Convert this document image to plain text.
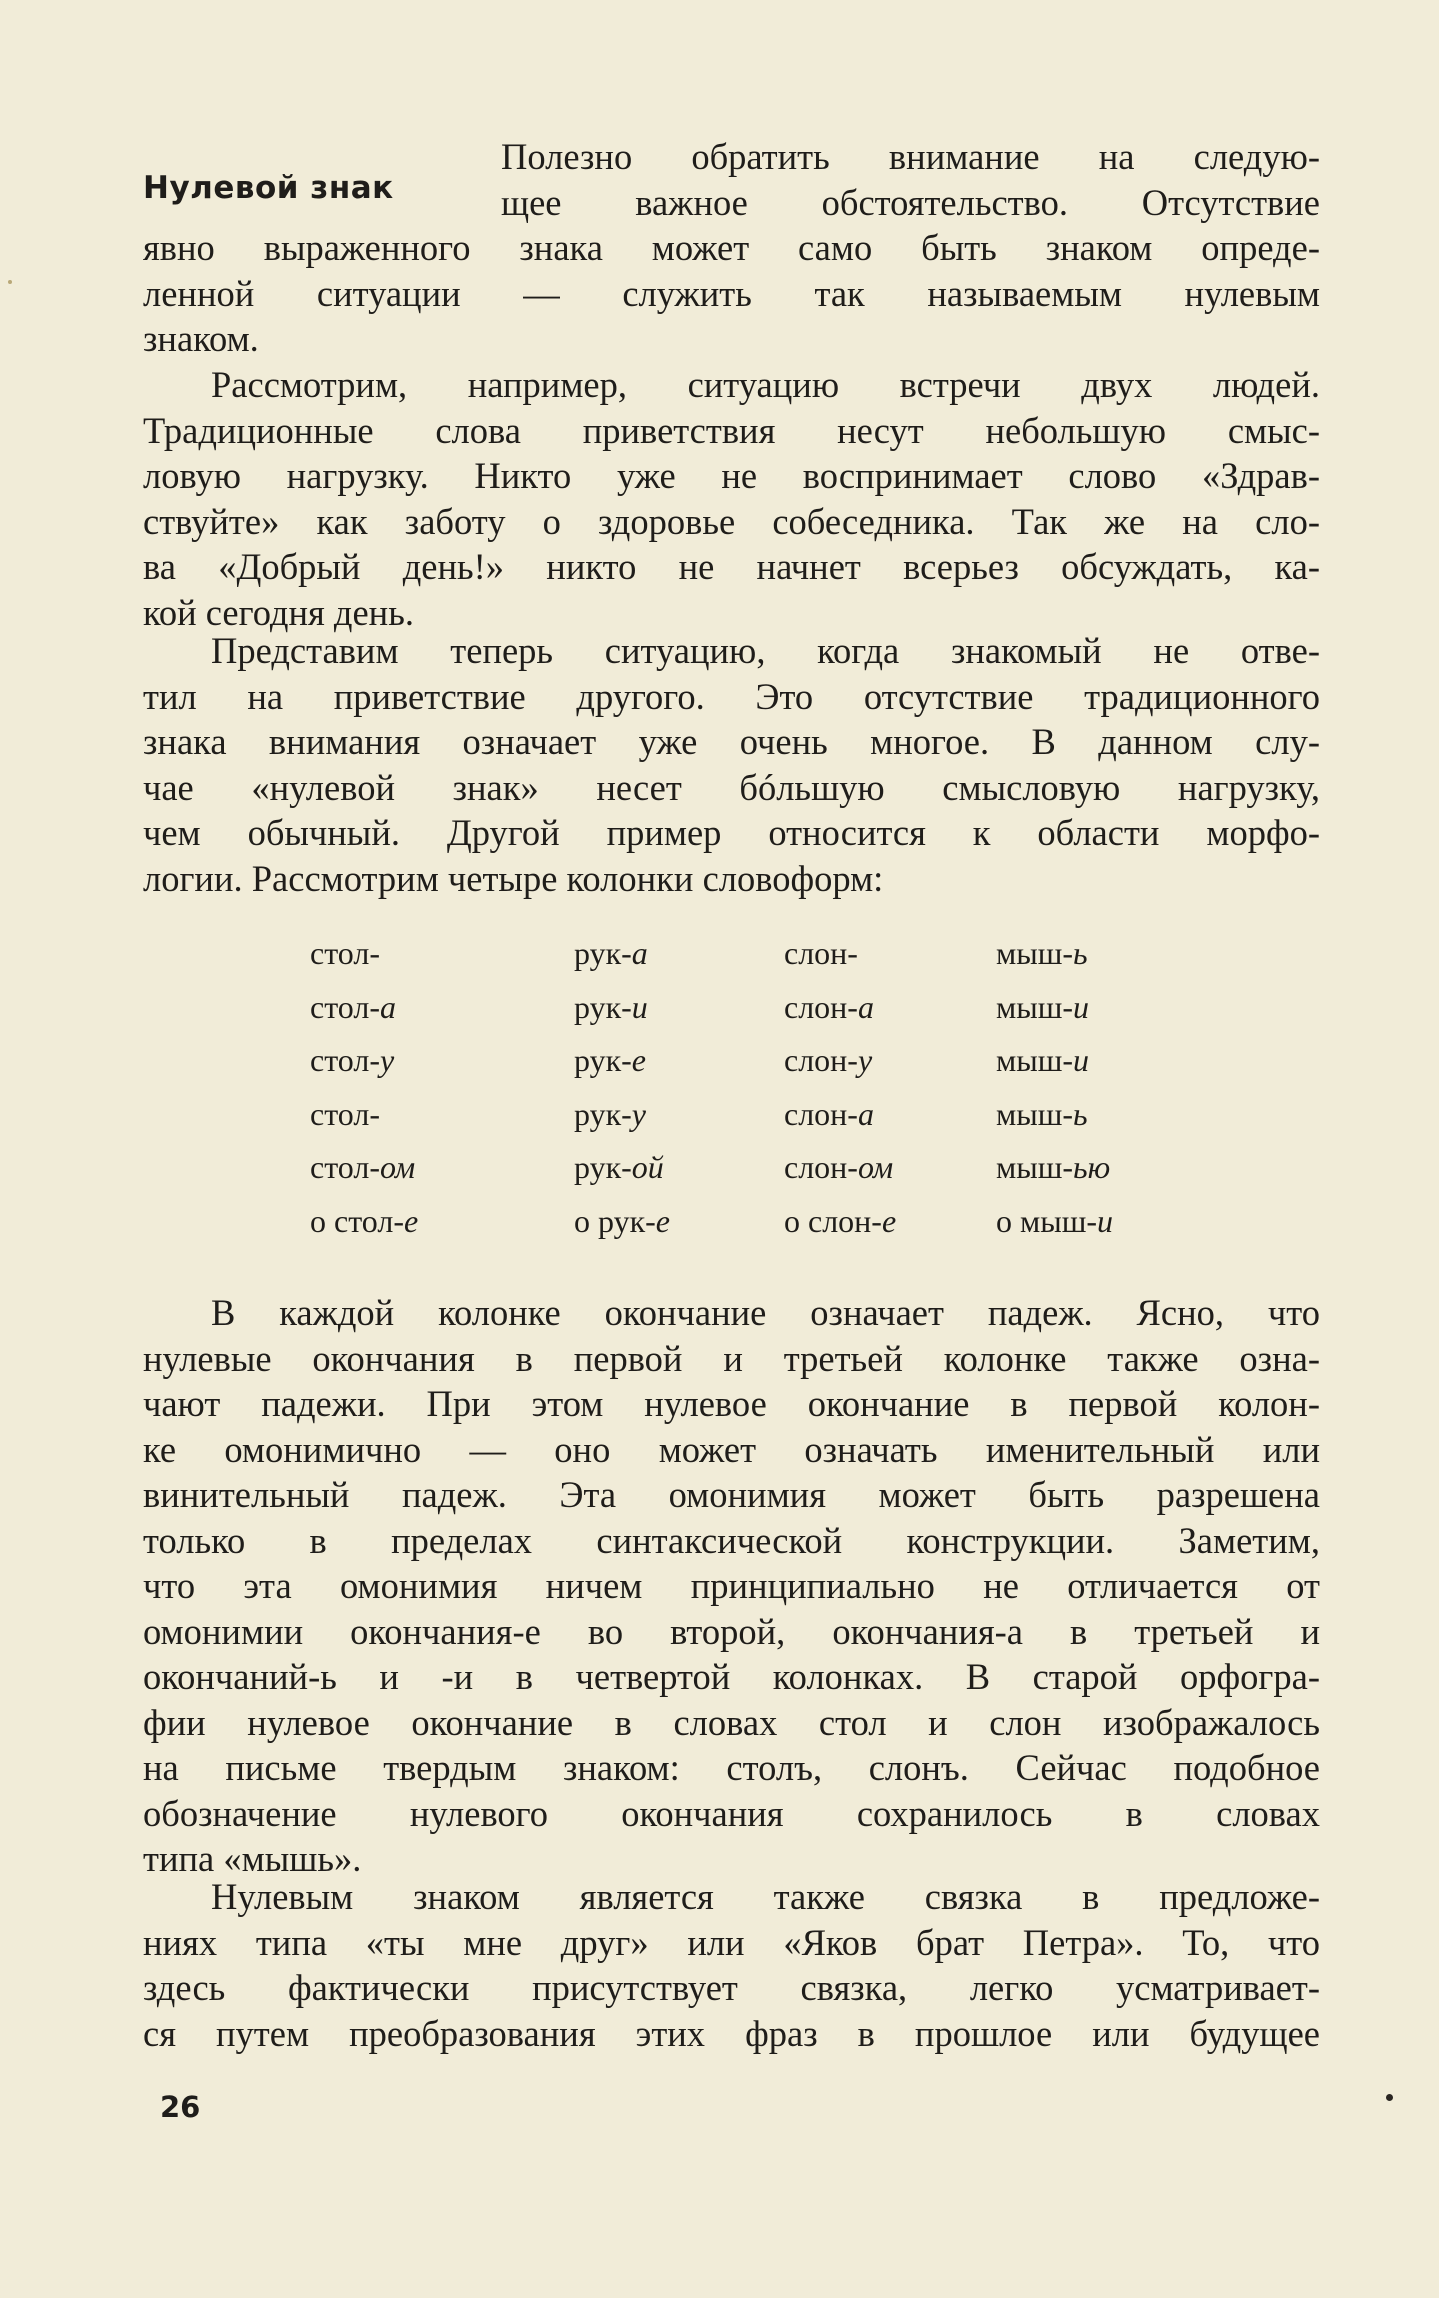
Нулевой знак
Полезно обратить внимание на следую-
щее важное обстоятельство. Отсутствие
явно выраженного знака может само быть знаком опреде-
ленной ситуации — служить так называемым нулевым
знаком.
Рассмотрим, например, ситуацию встречи двух людей.
Традиционные слова приветствия несут небольшую смыс-
ловую нагрузку. Никто уже не воспринимает слово «Здрав-
ствуйте» как заботу о здоровье собеседника. Так же на сло-
ва «Добрый день!» никто не начнет всерьез обсуждать, ка-
кой сегодня день.
Представим теперь ситуацию, когда знакомый не отве-
тил на приветствие другого. Это отсутствие традиционного
знака внимания означает уже очень многое. В данном слу-
чае «нулевой знак» несет бóльшую смысловую нагрузку,
чем обычный. Другой пример относится к области морфо-
логии. Рассмотрим четыре колонки словоформ:
стол-	рук-а	слон-	мыш-ь
стол-а	рук-и	слон-а	мыш-и
стол-у	рук-е	слон-у	мыш-и
стол-	рук-у	слон-а	мыш-ь
стол-ом	рук-ой	слон-ом	мыш-ью
о стол-е	о рук-е	о слон-е	о мыш-и
В каждой колонке окончание означает падеж. Ясно, что
нулевые окончания в первой и третьей колонке также озна-
чают падежи. При этом нулевое окончание в первой колон-
ке омонимично — оно может означать именительный или
винительный падеж. Эта омонимия может быть разрешена
только в пределах синтаксической конструкции. Заметим,
что эта омонимия ничем принципиально не отличается от
омонимии окончания-е во второй, окончания-а в третьей и
окончаний-ь и -и в четвертой колонках. В старой орфогра-
фии нулевое окончание в словах стол и слон изображалось
на письме твердым знаком: столъ, слонъ. Сейчас подобное
обозначение нулевого окончания сохранилось в словах
типа «мышь».
Нулевым знаком является также связка в предложе-
ниях типа «ты мне друг» или «Яков брат Петра». То, что
здесь фактически присутствует связка, легко усматривает-
ся путем преобразования этих фраз в прошлое или будущее
26
